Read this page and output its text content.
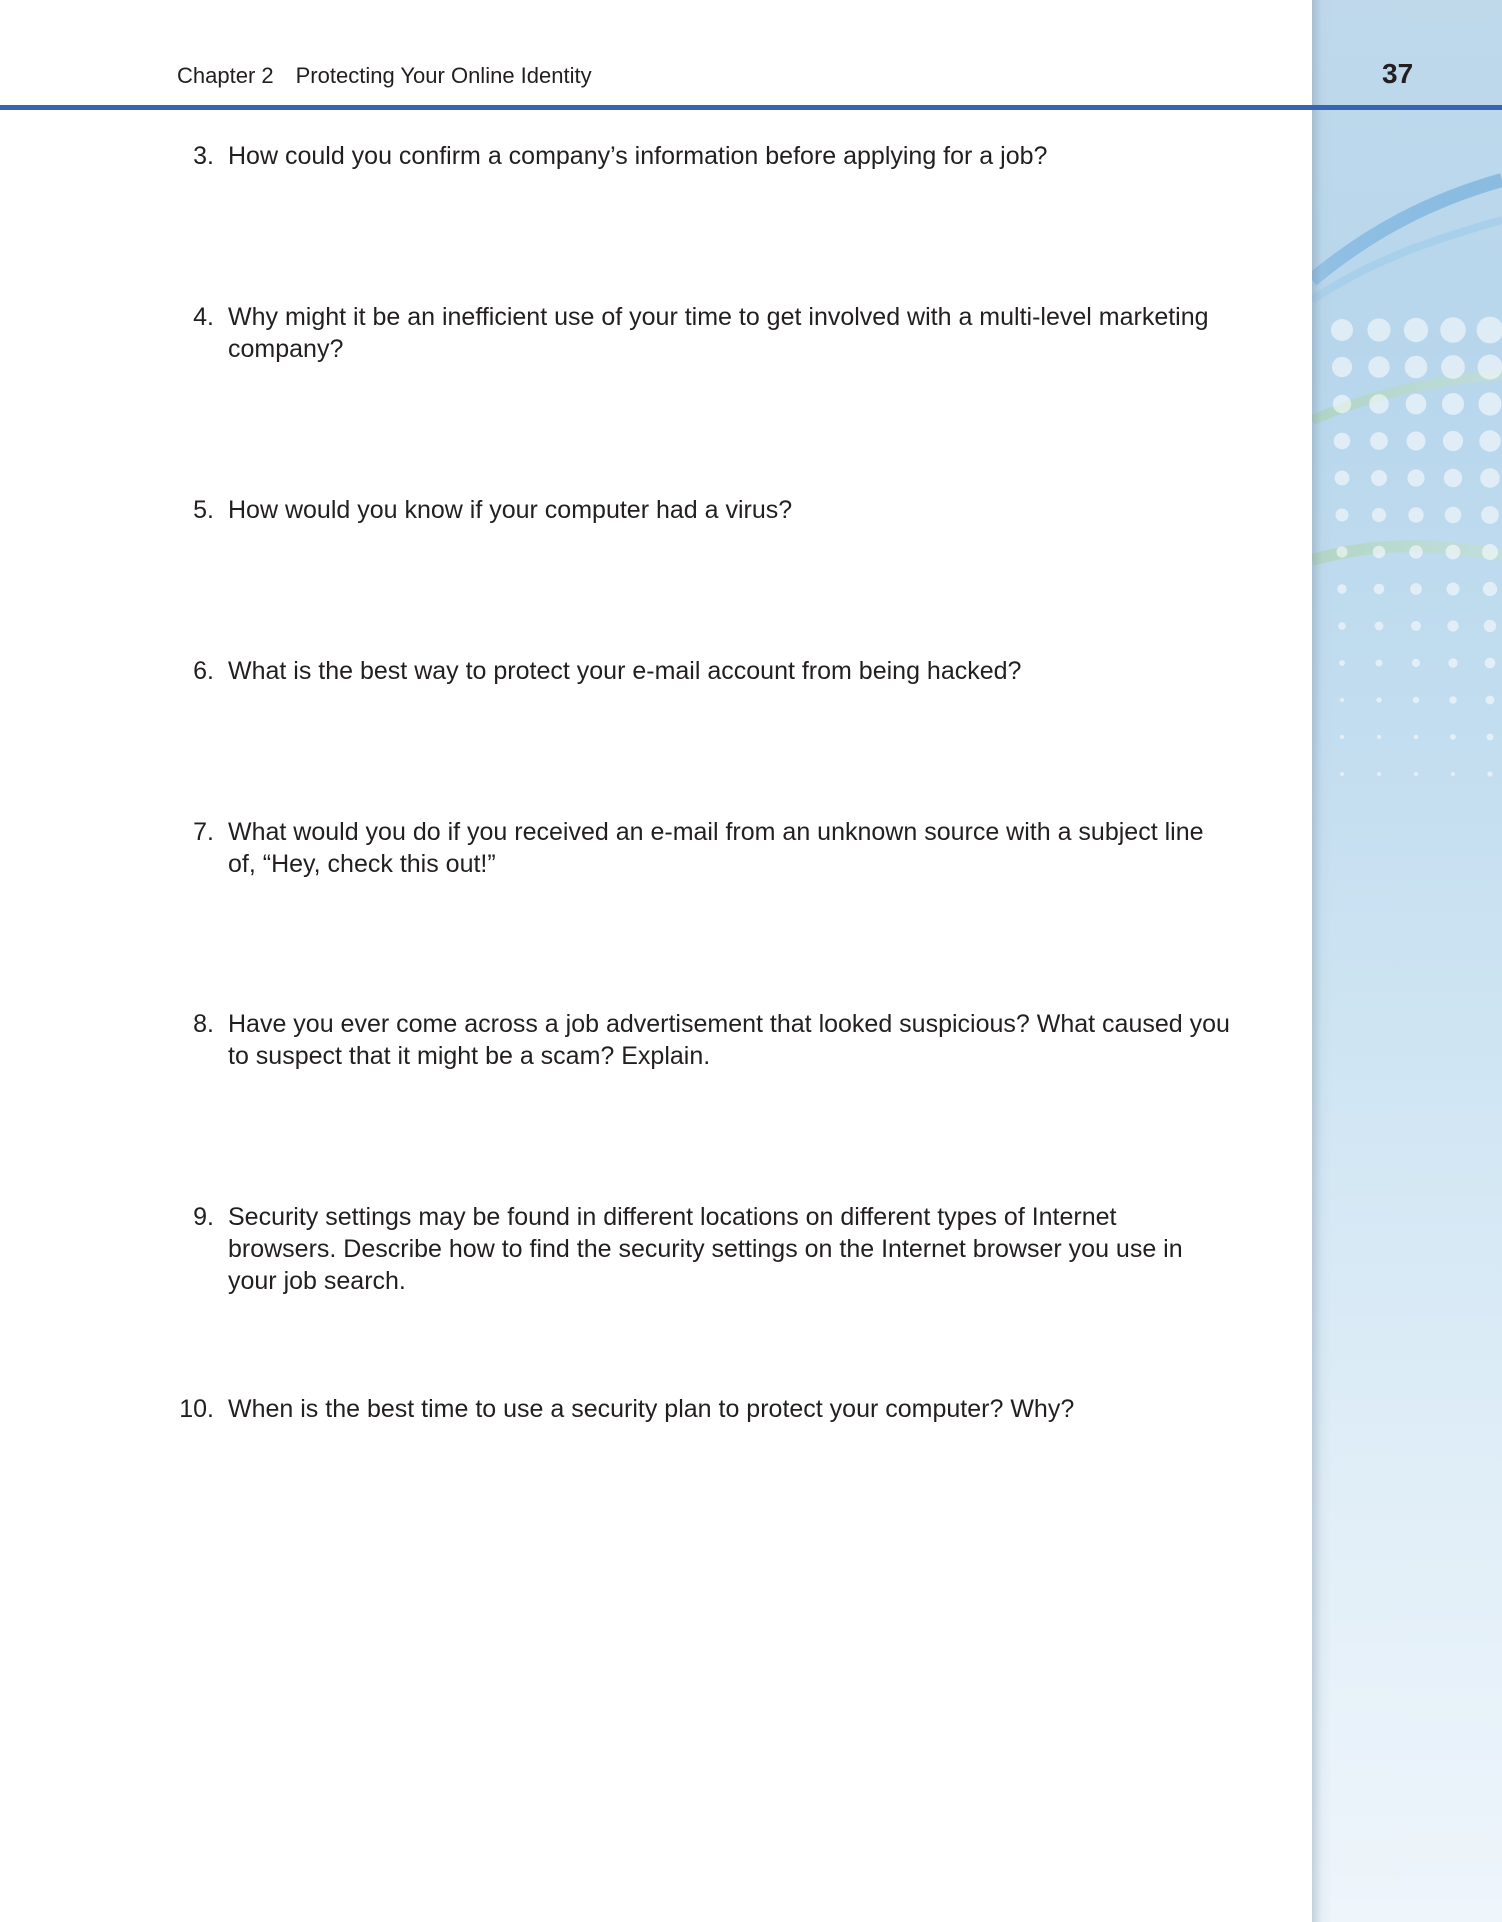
Chapter 2 Protecting Your Online Identity	37
3. How could you confirm a company’s information before applying for a job?
4. Why might it be an inefficient use of your time to get involved with a multi-level marketing company?
5. How would you know if your computer had a virus?
6. What is the best way to protect your e-mail account from being hacked?
7. What would you do if you received an e-mail from an unknown source with a subject line of, “Hey, check this out!”
8. Have you ever come across a job advertisement that looked suspicious? What caused you to suspect that it might be a scam? Explain.
9. Security settings may be found in different locations on different types of Internet browsers. Describe how to find the security settings on the Internet browser you use in your job search.
10. When is the best time to use a security plan to protect your computer? Why?
